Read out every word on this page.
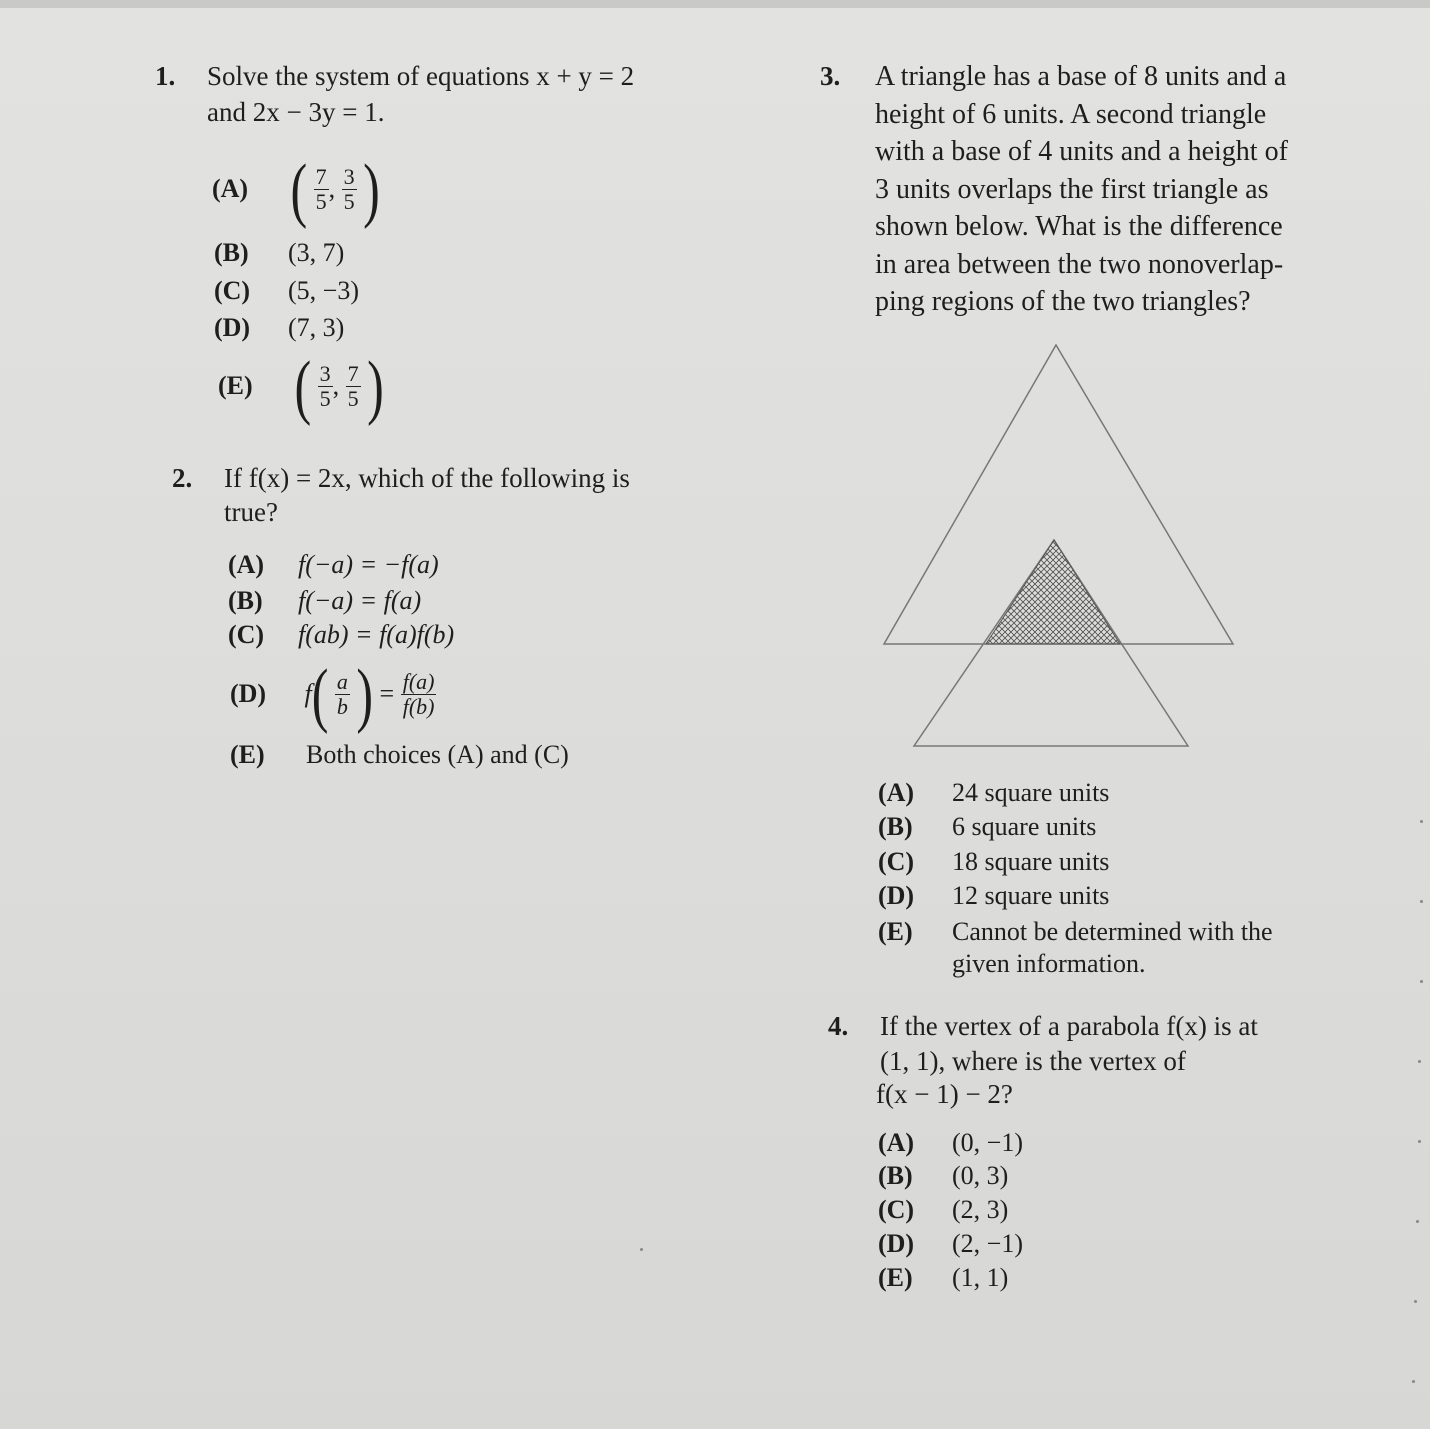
1. Solve the system of equations x + y = 2
and 2x − 3y = 1.
(A) ( $\frac{7}{5}$ , $\frac{3}{5}$ )
(B) (3, 7)
(C) (5, −3)
(D) (7, 3)
(E) ( $\frac{3}{5}$ , $\frac{7}{5}$ )
2. If f(x) = 2x, which of the following is
true?
(A) f(−a) = −f(a)
(B) f(−a) = f(a)
(C) f(ab) = f(a)f(b)
(D) $f( \frac{a}{b}$ ) = $\frac{f(a)}{f(b)}$
(E) Both choices (A) and (C)
3. A triangle has a base of 8 units and a
height of 6 units. A second triangle
with a base of 4 units and a height of
3 units overlaps the first triangle as
shown below. What is the difference
in area between the two nonoverlap-
ping regions of the two triangles?
(A) 24 square units
(B) 6 square units
(C) 18 square units
(D) 12 square units
(E) Cannot be determined with the
given information.
4. If the vertex of a parabola f(x) is at
(1, 1), where is the vertex of
f(x − 1) − 2?
(A) (0, −1)
(B) (0, 3)
(C) (2, 3)
(D) (2, −1)
(E) (1, 1)
